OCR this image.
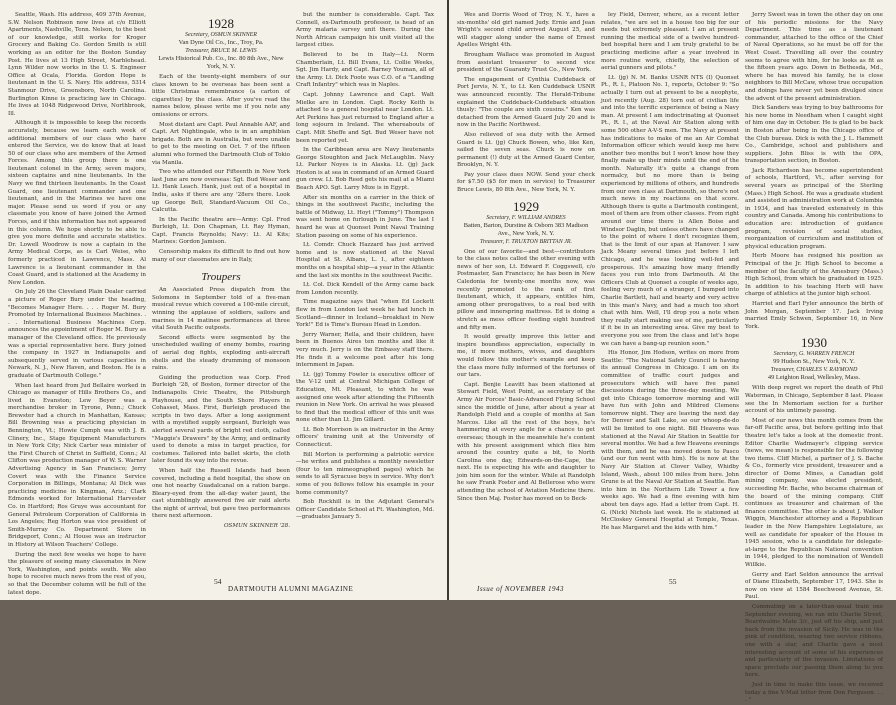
Seattle, Wash. His address, 409 37th Avenue, S.W. Nelson Robinson now lives at c/o Elliott Apartments, Nashville, Tenn. Nelson, to the best of our knowledge, still works for Kroger Grocery and Baking Co. Gordon Smith is still working as an editor for the Boston Sunday Post. He lives at 13 High Street, Marblehead. Lynn Wilder now works in the U. S. Engineer Office at Ocala, Florida. Gordon Hope is lieutenant in the U. S. Navy. His address, 5314 Stanmour Drive, Greensboro, North Carolina. Burlington Kinne is practicing law in Chicago. He lives at 1048 Ridgewood Drive, Northbrook, Ill.

Although it is impossible to keep the records accurately, because we learn each week of additional members of our class who have entered the Service, we do know that at least 50 of our class who are members of the Armed Forces. Among this group there is one lieutenant colonel in the Army, seven majors, sixteen captains and nine lieutenants. In the Navy we find thirteen lieutenants. In the Coast Guard, one lieutenant commander and one lieutenant, and in the Marines we have one major. Please send us word if you or any classmate you know of have joined the Armed Forces, and if this information has not appeared in this column. We hope shortly to be able to give you more definite and accurate statistics. Dr. Lowell Woodrow is now a captain in the Army Medical Corps, as is Carl Weise, who formerly practiced in Lawrence, Mass. Al Lawrence is a lieutenant commander in the Coast Guard, and is stationed at the Academy in New London.

On July 26 the Cleveland Plain Dealer carried a picture of Roger Bury under the heading, "Becomes Manager Here. . . . Roger M. Bury Promoted by International Business Machines. . . . International Business Machines Corp. announces the appointment of Roger M. Bury as manager of the Cleveland office. He previously was a special representative here. Bury joined the company in 1927 in Indianapolis and subsequently served in various capacities in Newark, N. J., New Haven, and Boston. He is a graduate of Dartmouth College."

When last heard from Jud Bellaire worked in Chicago as manager of Hills Brothers Co., and lived in Evanston; Lew Beyer was a merchandise broker in Tyrone, Penn.; Chuck Brewster had a church in Manhattan, Kansas; Bill Browning was a practicing physician in Bennington, Vt.; Howie Cumph was with J. B. Clinery, Inc., Stage Equipment Manufacturers in New York City; Nick Carter was minister of the First Church of Christ in Suffield, Conn.; Al Clifton was production manager of W. S. Warner Advertising Agency in San Francisco; Jerry Covert was with the Finance Service Corporation in Billings, Montana; Al Dick was practicing medicine in Kingman, Ariz.; Clark Edmonds worked for International Harvester Co. in Hartford; Ros Gruye was accountant for General Petroleum Corporation of California in Los Angeles; Reg Horton was vice president of Smith-Murray Co. Department Store in Bridgeport, Conn.; Al House was an instructor in History at Wilson Teachers' College.

During the next few weeks we hope to have the pleasure of seeing many classmates in New York, Washington, and points south. We also hope to receive much news from the rest of you, so that the December column will be full of the latest dope.

1928
Secretary, OSMUN SKINNER
Van Dyne Oil Co., Inc., Troy, Pa.
Treasurer, BRUCE M. LEWIS
Lewis Historical Pub. Co., Inc. 80 8th Ave., New York, N. Y.

Each of the twenty-eight members of our class known to be overseas has been sent a little Christmas remembrance (a carton of cigarettes) by the class. After you've read the names below, please write me if you note any omissions or errors.

Most distant are Capt. Paul Annable AAF, and Capt. Art Nightingale, who is in an amphibian brigade. Both are in Australia, but were unable to get to the meeting on Oct. 7 of the fifteen alumni who formed the Dartmouth Club of Tokio via Manila.

Two who attended our Fifteenth in New York last June are now overseas: Sgt. Bud Weser and Lt. Hank Leach. Hank, just out of a hospital in India, asks if there are any '28ers there. Look up George Bell, Standard-Vacuum Oil Co., Calcutta.

In the Pacific theatre are—Army: Cpl. Fred Burleigh, Lt. Don Chapman, Lt. Ray Hyman, Capt. Francis Reynolds; Navy: Lt. Al Kits; Marines: Gordon Jamison.

Censorship makes its difficult to find out how many of our classmates are in Italy,

Troupers

An Associated Press dispatch from the Solomons in September told of a five-man musical revue which covered a 100-mile circuit, winning the applause of soldiers, sailors and marines in 14 matinee performances at three vital South Pacific outposts.

Second effects were segmented by the unscheduled wailing of enemy bombs, roaring of aerial dog fights, exploding anti-aircraft shells and the steady drumming of monsoon rains.

Guiding the production was Corp. Fred Burleigh '28, of Boston, former director of the Indianapolis Civic Theatre, the Pittsburgh Playhouse, and the South Shore Players in Cohasset, Mass. First, Burleigh produced the scripts in two days. After a long assignment with a mystified supply sergeant, Burleigh was alerted several yards of bright red cloth, called "Maggie's Drawers" by the Army, and ordinarily used to denote a miss in target practice, for costumes. Tailored into ballet skirts, the cloth later found its way into the revue.

When half the Russell Islands had been covered, including a field hospital, the show on one hot nearby Guadalcanal on a ration barge. Bleary-eyed from the all-day water jaunt, the cast stumblingly answered five air raid alerts the night of arrival, but gave two performances there next afternoon.

OSMUN SKINNER '28.

but the number is considerable. Capt. Tax Connell, ex-Dartmouth professor, is head of an Army malaria survey unit there. During the North African campaign his unit visited all the largest cities.

Believed to be in Italy—Lt. Norm Chamberlain, Lt. Bill Evans, Lt. Collie Weeks, Sgt. Jim Hardy, and Capt. Barney Youman, all of the Army. Lt. Dick Foote was C.O. of a "Landing Craft Infantry" which was in Naples.

Capt. Johnny Lawrence and Capt. Walt Mielke are in London. Capt. Rocky Keith is attached to a general hospital near London. Lt. Art Perkins has just returned to England after a long sojourn in Ireland. The whereabouts of Capt. Milt Sheffe and Sgt. Bud Weser have not been reported yet.

In the Caribbean area are Navy lieutenants George Stoughton and Jack McLaughlin. Navy Lt. Parker Noyes is in Alaska. Lt. (jg) Jack Heston is at sea in command of an Armed Guard gun crew. Lt. Bob Reed gets his mail at a Miami Beach APO. Sgt. Larry Mize is in Egypt.

After six months on a carrier in the thick of things in the southwest Pacific, including the battle of Midway, Lt. Hoyt ("Tommy") Thompson was sent home on furlough in June. The last I heard he was at Quonset Point Naval Training Station passing on some of his experience.

Lt. Comdr. Chuck Hazzard has just arrived home and is now stationed at the Naval Hospital at St. Albans, L. I., after eighteen months on a hospital ship—a year in the Atlantic and the last six months in the southwest Pacific.

Lt. Col. Dick Kendell of the Army came back from London recently.

Time magazine says that "when Ed Lockett flew in from London last week he had lunch in Scotland—dinner in Iceland—breakfast in New York!" Ed is Time's Bureau Head in London.

Jerry Warner, Rella, and their children, have been in Buenos Aires ten months and like it very much. Jerry is on the Embassy staff there. He finds it a welcome post after his long internment in Japan.

Lt. (jg) Tommy Fowler is executive officer of the V-12 unit at Central Michigan College of Education, Mt. Pleasant, to which he was assigned one week after attending the Fifteenth reunion in New York. On arrival he was pleased to find that the medical officer of this unit was none other than Lt. Jim Gillard.

Lt. Bob Morrison is an instructor in the Army officers' training unit at the University of Connecticut.

Bill Morton is performing a patriotic service—he writes and publishes a monthly newsletter (four to ten mimeographed pages) which he sends to all Syracuse boys in service. Why don't some of you fellows follow his example in your home community?

Bob Rockhill is in the Adjutant General's Officer Candidate School at Ft. Washington, Md.—graduates January 5.

54
DARTMOUTH ALUMNI MAGAZINE

Wes and Dorris Wood of Troy, N. Y., have a six-months' old girl named Judy. Ernie and Jean Wright's second child arrived August 25, and will stagger along under the name of Ernest Apelles Wright 4th.

Brougham Wallace was promoted in August from assistant treasurer to second vice president of the Guaranty Trust Co., New York.

The engagement of Cynthia Cuddeback of Port Jervis, N. Y., to Lt. Ken Cuddeback USNR was announced recently. The Herald-Tribune explained the Cuddeback-Cuddeback situation thusly: "The couple are sixth cousins." Ken was detached from the Armed Guard July 20 and is now in the Pacific Northwest.

Also relieved of sea duty with the Armed Guard is Lt. (jg) Chuck Bowen, who, like Ken, sailed the seven seas. Chuck is now on permanent (!) duty at the Armed Guard Center, Brooklyn, N. Y.

Pay your class dues NOW. Send your check for $7.50 ($5 for men in service) to Treasurer Bruce Lewis, 80 8th Ave., New York, N. Y.

1929
Secretary, F. WILLIAM ANDRES
Batten, Barton, Durstine & Osborn 383 Madison Ave., New York, N. Y.
Treasurer, F. TRUXTON BRITTAN JR.

One of our favorite—and best—contributors to the class notes called the other evening with news of her son, Lt. Edward F. Coggswell, c/o Postmaster, San Francisco; he has been in New Caledonia for twenty-one months now, was recently promoted to the rank of first lieutenant, which, it appears, entitles him, among other prerogatives, to a real bed with pillow and innerspring mattress. Ed is doing a stretch as mess officer feeding eight hundred and fifty men.

It would greatly improve this letter and inspire boundless appreciation, especially in me, if more mothers, wives, and daughters would follow this mother's example and keep the class more fully informed of the fortunes of our tars.

Capt. Benjie Leavitt has been stationed at Stewart Field, West Point, as secretary of the Army Air Forces' Basic-Advanced Flying School since the middle of June, after about a year at Randolph Field and a couple of months at San Marcos. Like all the rest of the boys, he's hammering at every angle for a chance to get overseas; though in the meanwhile he's content with his present assignment which flies him around the country quite a bit, to North Carolina one day, Edwards-on-the-Cape, the next. He is expecting his wife and daughter to join him soon for the winter. While at Randolph he saw Frank Foster and Al Bellerose who were attending the school of Aviation Medicine there. Since then Maj. Foster has moved on to Beck-

ley Field, Denver, where, as a recent letter relates, "we are set in a house too big for our needs but extremely pleasant. I am at present running the medical side of a twelve hundred-bed hospital here and I am truly grateful to be practicing medicine after a year involved in more routine work, chiefly, the selection of aerial gunners and pilots."

Lt. (jg) N. M. Banks USNR NTS (I) Quonset Pt., R. I., Platoon No. 1, reports, October 9: "So actually I turn out at present to be a neophyte, just recently (Aug. 28) torn out of civilian life and into the terrific experience of being a Navy man. At present I am indoctrinating at Quonset Pt., R. I., at the Naval Air Station along with some 500 other A-V-S men. The Navy at present has indications to make of me an Air Combat Information officer which would keep me here another two months but I won't know how they finally make up their minds until the end of the month. Naturally it's quite a change from normalcy, but no more than is being experienced by millions of others, and hundreds from our own class at Dartmouth, so there's not much news in my reactions on that score. Although there is quite a Dartmouth contingent, most of them are from other classes. From right around our time there is Allen Boise and Windsor Daglin, but unless others have changed to the point of where I don't recognize them, that is the limit of our span at Hanover. I saw Jack Meany several times just before I left Chicago, and he was looking well-fed and prosperous. It's amazing how many friendly faces you run into from Dartmouth. At the Officers Club at Quonset a couple of weeks ago, feeling very much of a stranger, I bumped into Charlie Bartlett, hail and hearty and very active in this man's Navy, and had a much too short chat with him. Well, I'll drop you a note when they really start making use of me, particularly if it be in an interesting area. Give my best to everyone you see from the class and let's hope we can have a bang-up reunion soon."

His Honor, Jim Hodson, writes on more from Seattle: "The National Safety Council is having its annual Congress in Chicago. I am on its committee of traffic court judges and prosecutors which will have five panel discussions during the three-day meeting. We get into Chicago tomorrow morning and will have fun with John and Mildred Clemens tomorrow night. They are leaving the next day for Denver and Salt Lake, so our whoop-de-do will be limited to one night. Bill Heavens was stationed at the Naval Air Station in Seattle for several months. We had a few Heavens evenings with them, and he was moved down to Pasco (and our fun went with him). He is now at the Navy Air Station at Clover Valley, Whidby Island, Wash., about 100 miles from here. John Grune is at the Naval Air Station at Seattle. Ran into him in the Northern Life Tower a few weeks ago. We had a fine evening with him about ten days ago. Had a letter from Capt. H. G. (Nick) Nichols last week. He is stationed at McCloskey General Hospital at Temple, Texas. He has Margaret and the kids with him."

Jerry Sweet was in town the other day on one of his periodic missions for the Navy Department. This time as a lieutenant commander, attached to the office of the Chief of Naval Operations, so he must be off for the West Coast. Travelling all over the country seems to agree with him, for he looks as fit as the fifteen years ago. Down in Bethesda, Md., where he has moved his family, he is close neighbors to Bill McCaw, whose true occupation and doings have never yet been divulged since the advent of the present administration.

Dick Sanders was trying to buy bathrooms for his new home in Needham when I caught sight of him one day in October. He is glad to be back in Boston after being in the Chicago office of the Club bureau. Dick is with the J. L. Hammett Co., Cambridge, school and publishers and suppliers. John Bliss is with the OPA, transportation section, in Boston.

Jack Richardson has become superintendent of schools, Hartford, Vt., after serving for several years as principal of the Sterling (Mass.) High School. He was a graduate student and assisted in administration work at Columbia in 1934, and has traveled extensively in this country and Canada. Among his contributions to education are: introduction of guidance program, revision of social studies, reorganization of curriculum and institution of physical education program.

Herb Moore has resigned his position as Principal of the Jr. High School to become a member of the faculty of the Amesbury (Mass.) High School, from which he graduated in 1925. In addition to his teaching Herb will have charge of athletics at the junior high school.

Harriet and Earl Fyler announce the birth of John Morgan, September 17. Jack Irving married Emily Schwen, September 16, in New York.

1930
Secretary, G. WARREN FRENCH
99 Hudson St., New York, N. Y.
Treasurer, CHARLES V. RAYMOND
49 Leighton Road, Wellesley, Mass.

With deep regret we report the death of Phil Waterman, in Chicago, September 8 last. Please see the In Memoriam section for a further account of his untimely passing.

Most of our news this month comes from the far-off Pacific area, but before getting into that theatre let's take a look at the domestic front. Editor Charlie Wadmayer's clipping service (news, we mean) is responsible for the following two items. Cliff Michel, a partner of J. S. Bache & Co., formerly vice president, treasurer and a director of Dome Mines, a Canadian gold mining company, was elected president, succeeding Mr. Bache, who became chairman of the board of the mining company. Cliff continues as treasurer and chairman of the finance committee. The other is about J. Walker Wiggin, Manchester attorney and a Republican leader in the New Hampshire Legislature, as well as candidate for speaker of the House in 1945 session, who is a candidate for delegate-at-large to the Republican National convention in 1944, pledged to the nomination of Wendell Willkie.

Gerry and Earl Seldon announce the arrival of Diane Elizabeth, September 17, 1943. She is now on view at 1584 Beechwood Avenue, St. Paul.

Commuting on a later-than-usual train one September evening, we ran into Charlie Street, Boardwalms Mate 3/c, just off his ship, and just back from the invasion of Sicily. He was in the pink of condition, wearing two service ribbons, one with a star, and Charlie gave a most interesting account of some of his experiences and particularly of the invasion. Limitations of space preclude our passing them along to you here.

Just in time to make this issue, we received today a fine V-Mail letter from Don Ferguson. . . . "

Issue of NOVEMBER 1943
55
